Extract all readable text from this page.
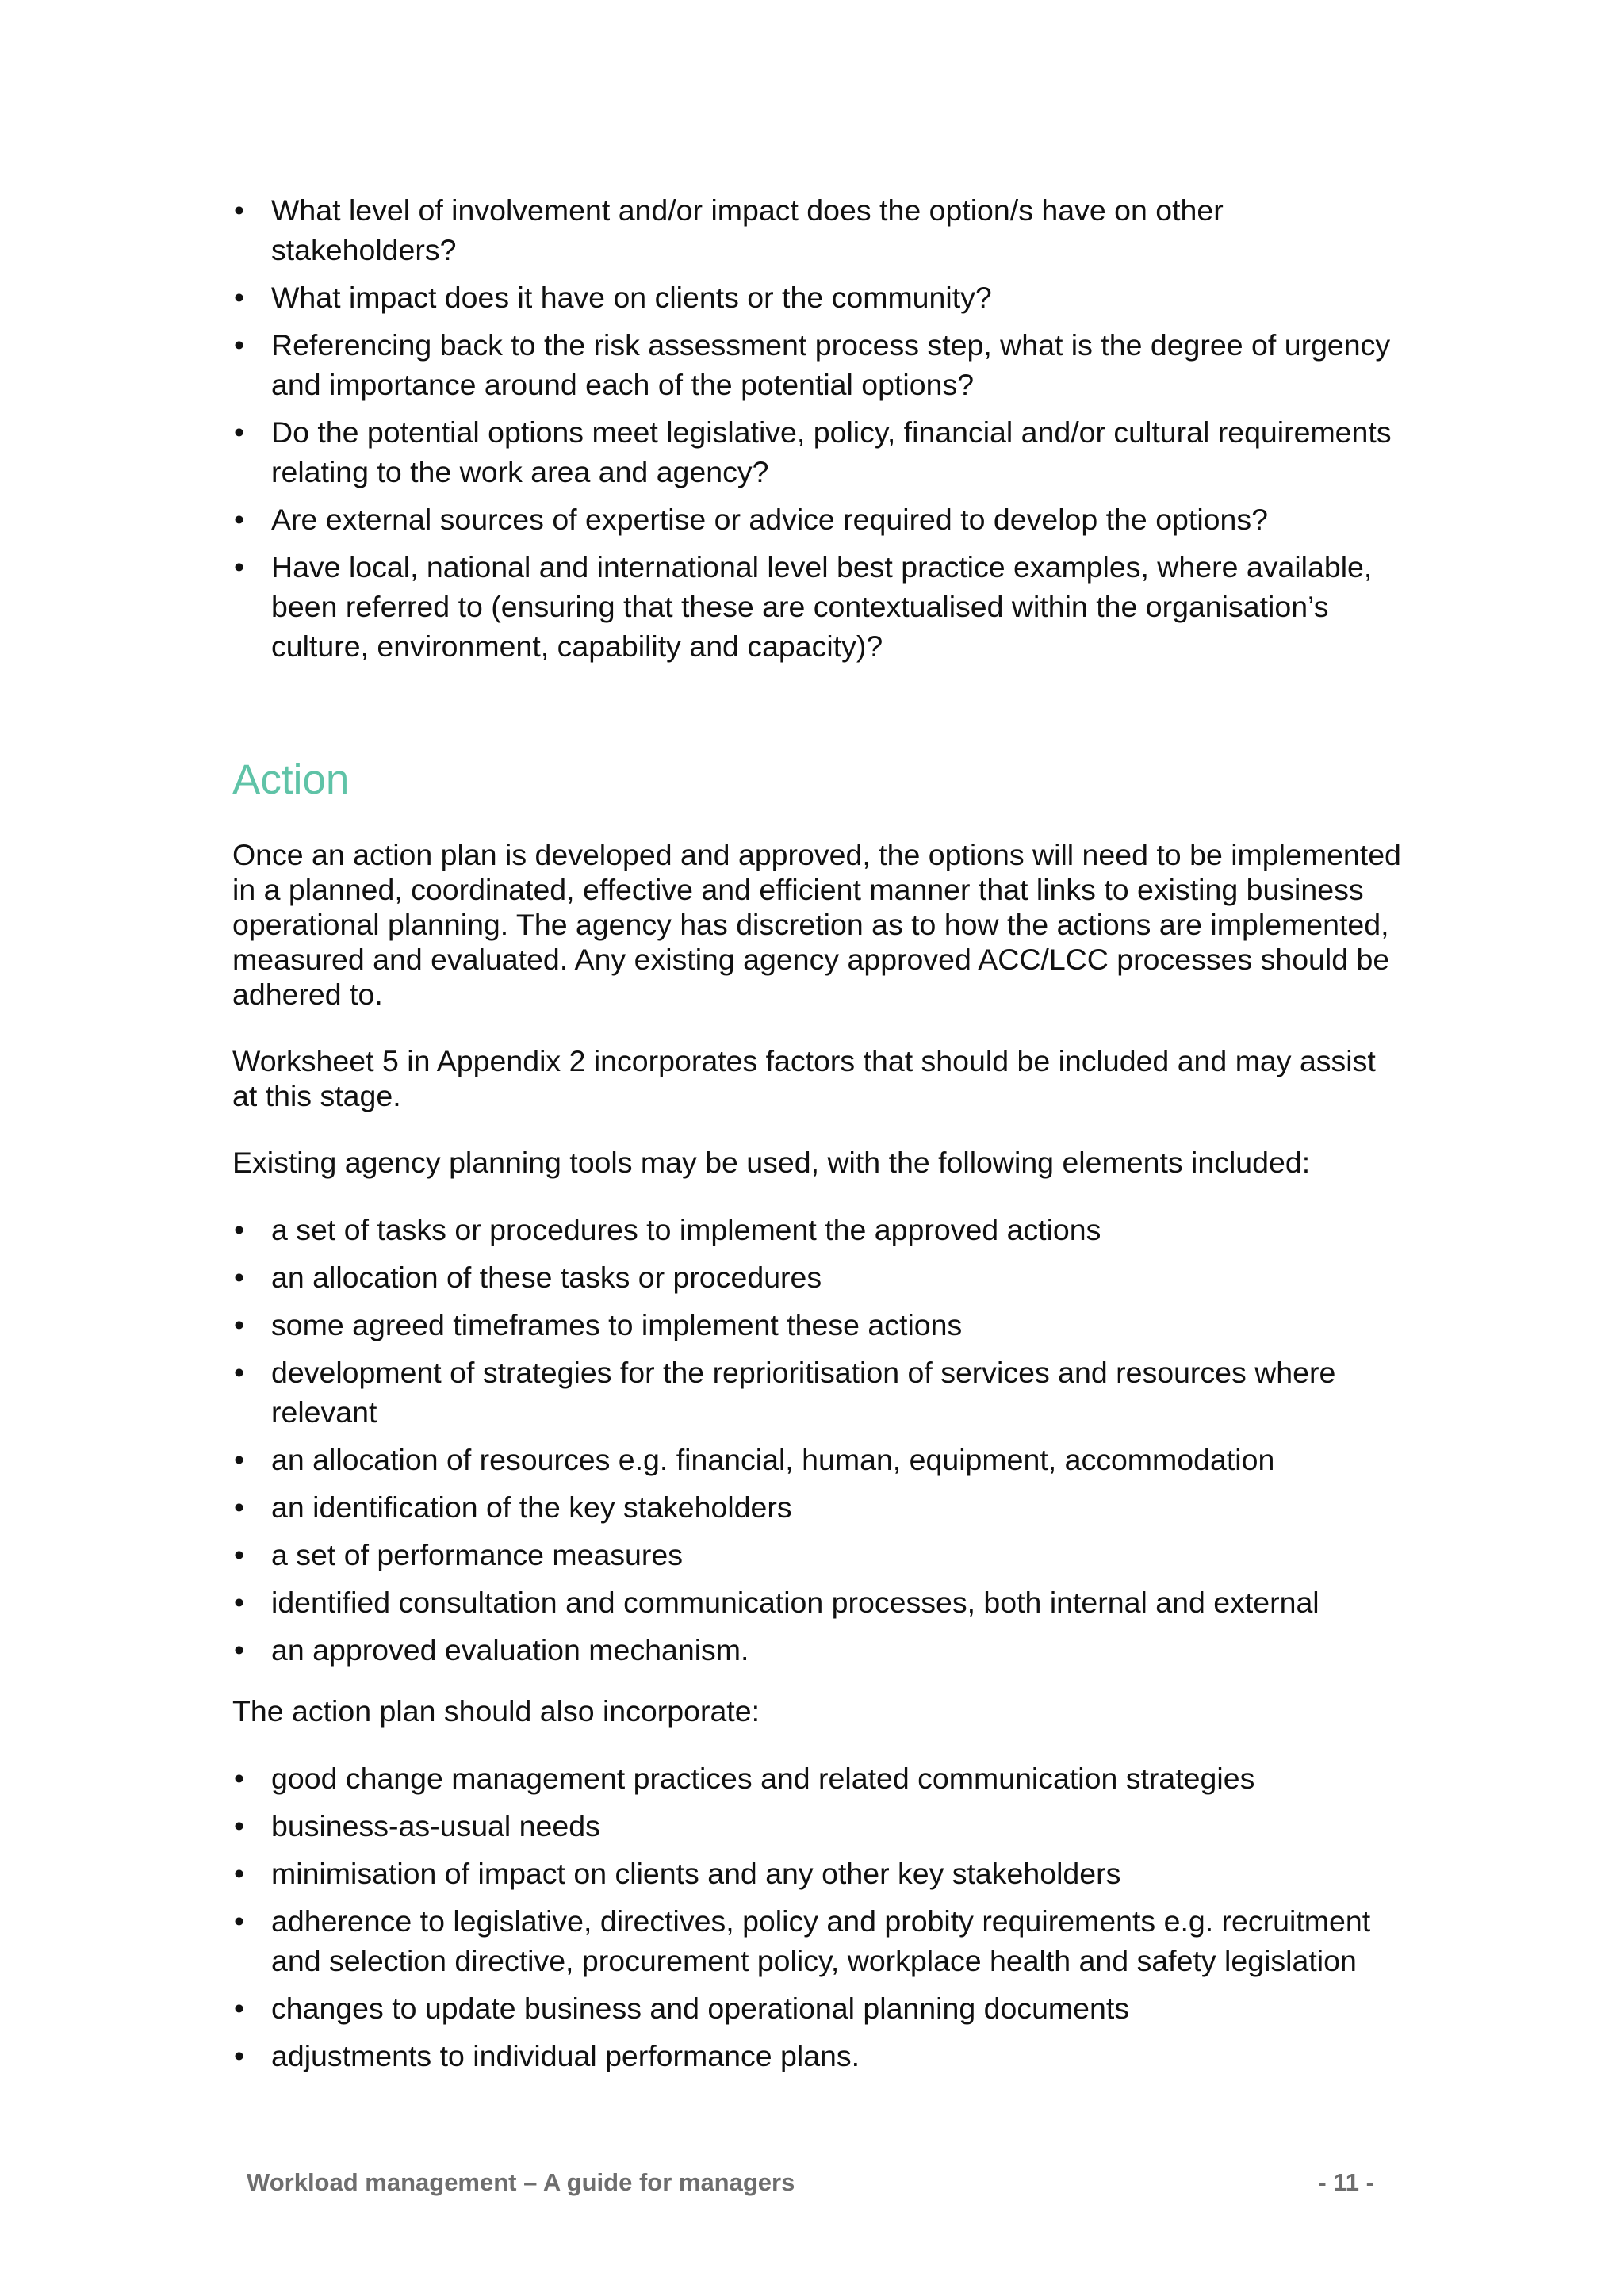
• What level of involvement and/or impact does the option/s have on other stakeholders?
• What impact does it have on clients or the community?
• Referencing back to the risk assessment process step, what is the degree of urgency and importance around each of the potential options?
• Do the potential options meet legislative, policy, financial and/or cultural requirements relating to the work area and agency?
• Are external sources of expertise or advice required to develop the options?
• Have local, national and international level best practice examples, where available, been referred to (ensuring that these are contextualised within the organisation’s culture, environment, capability and capacity)?
Action

Once an action plan is developed and approved, the options will need to be implemented in a planned, coordinated, effective and efficient manner that links to existing business operational planning. The agency has discretion as to how the actions are implemented, measured and evaluated. Any existing agency approved ACC/LCC processes should be adhered to.

Worksheet 5 in Appendix 2 incorporates factors that should be included and may assist at this stage.

Existing agency planning tools may be used, with the following elements included:

• a set of tasks or procedures to implement the approved actions
• an allocation of these tasks or procedures
• some agreed timeframes to implement these actions
• development of strategies for the reprioritisation of services and resources where relevant
• an allocation of resources e.g. financial, human, equipment, accommodation
• an identification of the key stakeholders
• a set of performance measures
• identified consultation and communication processes, both internal and external
• an approved evaluation mechanism.

The action plan should also incorporate:

• good change management practices and related communication strategies
• business-as-usual needs
• minimisation of impact on clients and any other key stakeholders
• adherence to legislative, directives, policy and probity requirements e.g. recruitment and selection directive, procurement policy, workplace health and safety legislation
• changes to update business and operational planning documents
• adjustments to individual performance plans.
Workload management – A guide for managers	- 11 -
